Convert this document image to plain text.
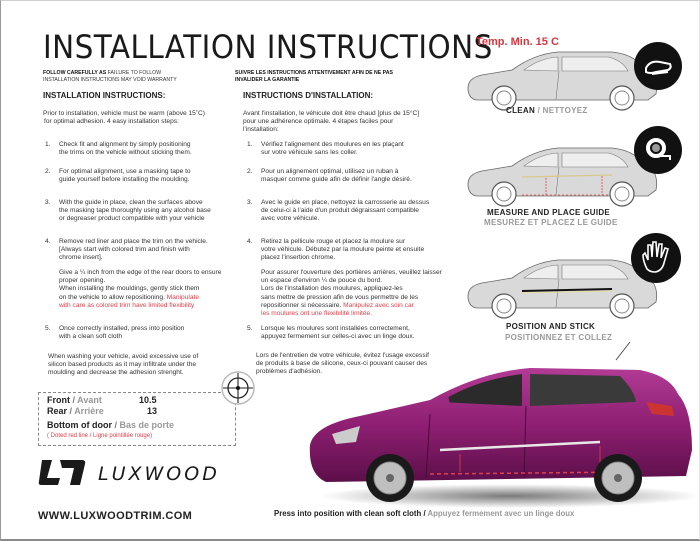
INSTALLATION INSTRUCTIONS
Temp. Min. 15 C
FOLLOW CAREFULLY AS FAILURE TO FOLLOW
INSTALLATION INSTRUCTIONS MAY VOID WARRANTY
SUIVRE LES INSTRUCTIONS ATTENTIVEMENT AFIN DE NE PAS
INVALIDER LA GARANTIE
INSTALLATION INSTRUCTIONS:	INSTRUCTIONS D'INSTALLATION:
Prior to installation, vehicle must be warm (above 15˚C)
for optimal adhesion. 4 easy installation steps:
1. Check fit and alignment by simply positioning
the trims on the vehicle without sticking them.
2. For optimal alignment, use a masking tape to
guide yourself before installing the moulding.
3. With the guide in place, clean the surfaces above
the masking tape thoroughly using any alcohol base
or degreaser product compatible with your vehicle
4. Remove red liner and place the trim on the vehicle.
[Always start with colored trim and finish with
chrome insert].
Give a ¼ inch from the edge of the rear doors to ensure
proper opening.
When installing the mouldings, gently stick them
on the vehicle to allow repositioning. Manipulate
with care as colored trim have limited flexibility
5. Once correctly installed, press into position
with a clean soft cloth
When washing your vehicle, avoid excessive use of
silicon based products as it may infiltrate under the
moulding and decrease the adhesion strenght.
Avant l'installation, le véhicule doit être chaud [plus de 15°C]
pour une adhérence optimale. 4 étapes faciles pour
l'installation:
1. Vérifiez l'alignement des moulures en les plaçant
sur votre véhicule sans les coller.
2. Pour un alignement optimal, utilisez un ruban à
masquer comme guide afin de définir l'angle désiré.
3. Avec le guide en place, nettoyez la carrosserie au dessus
de celui-ci à l'aide d'un produit dégraissant compatible
avec votre véhicule.
4. Retirez la pellicule rouge et placez la moulure sur
votre véhicule. Débutez par la moulure peinte et ensuite
placez l'insertion chrome.
Pour assurer l'ouverture des portières arrières, veuillez laisser
un espace d'environ ¼ de pouce du bord.
Lors de l'installation des moulures, appliquez-les
sans mettre de pression afin de vous permettre de les
repositionner si nécessaire. Manipulez avec soin car
les moulures ont une flexibilité limitée.
5. Lorsque les moulures sont installées correctement,
appuyez fermement sur celles-ci avec un linge doux.
Lors de l'entretien de votre véhicule, évitez l'usage excessif
de produits à base de silicone, ceux-ci pouvant causer des
problèmes d'adhésion.
Front / Avant	10.5
Rear / Arrière	13
Bottom of door / Bas de porte
( Doted red line / Ligne pointillée rouge)
LUXWOOD
WWW.LUXWOODTRIM.COM
CLEAN / NETTOYEZ
MEASURE AND PLACE GUIDE
MESUREZ ET PLACEZ LE GUIDE
POSITION AND STICK
POSITIONNEZ ET COLLEZ
Press into position with clean soft cloth / Appuyez fermement avec un linge doux
